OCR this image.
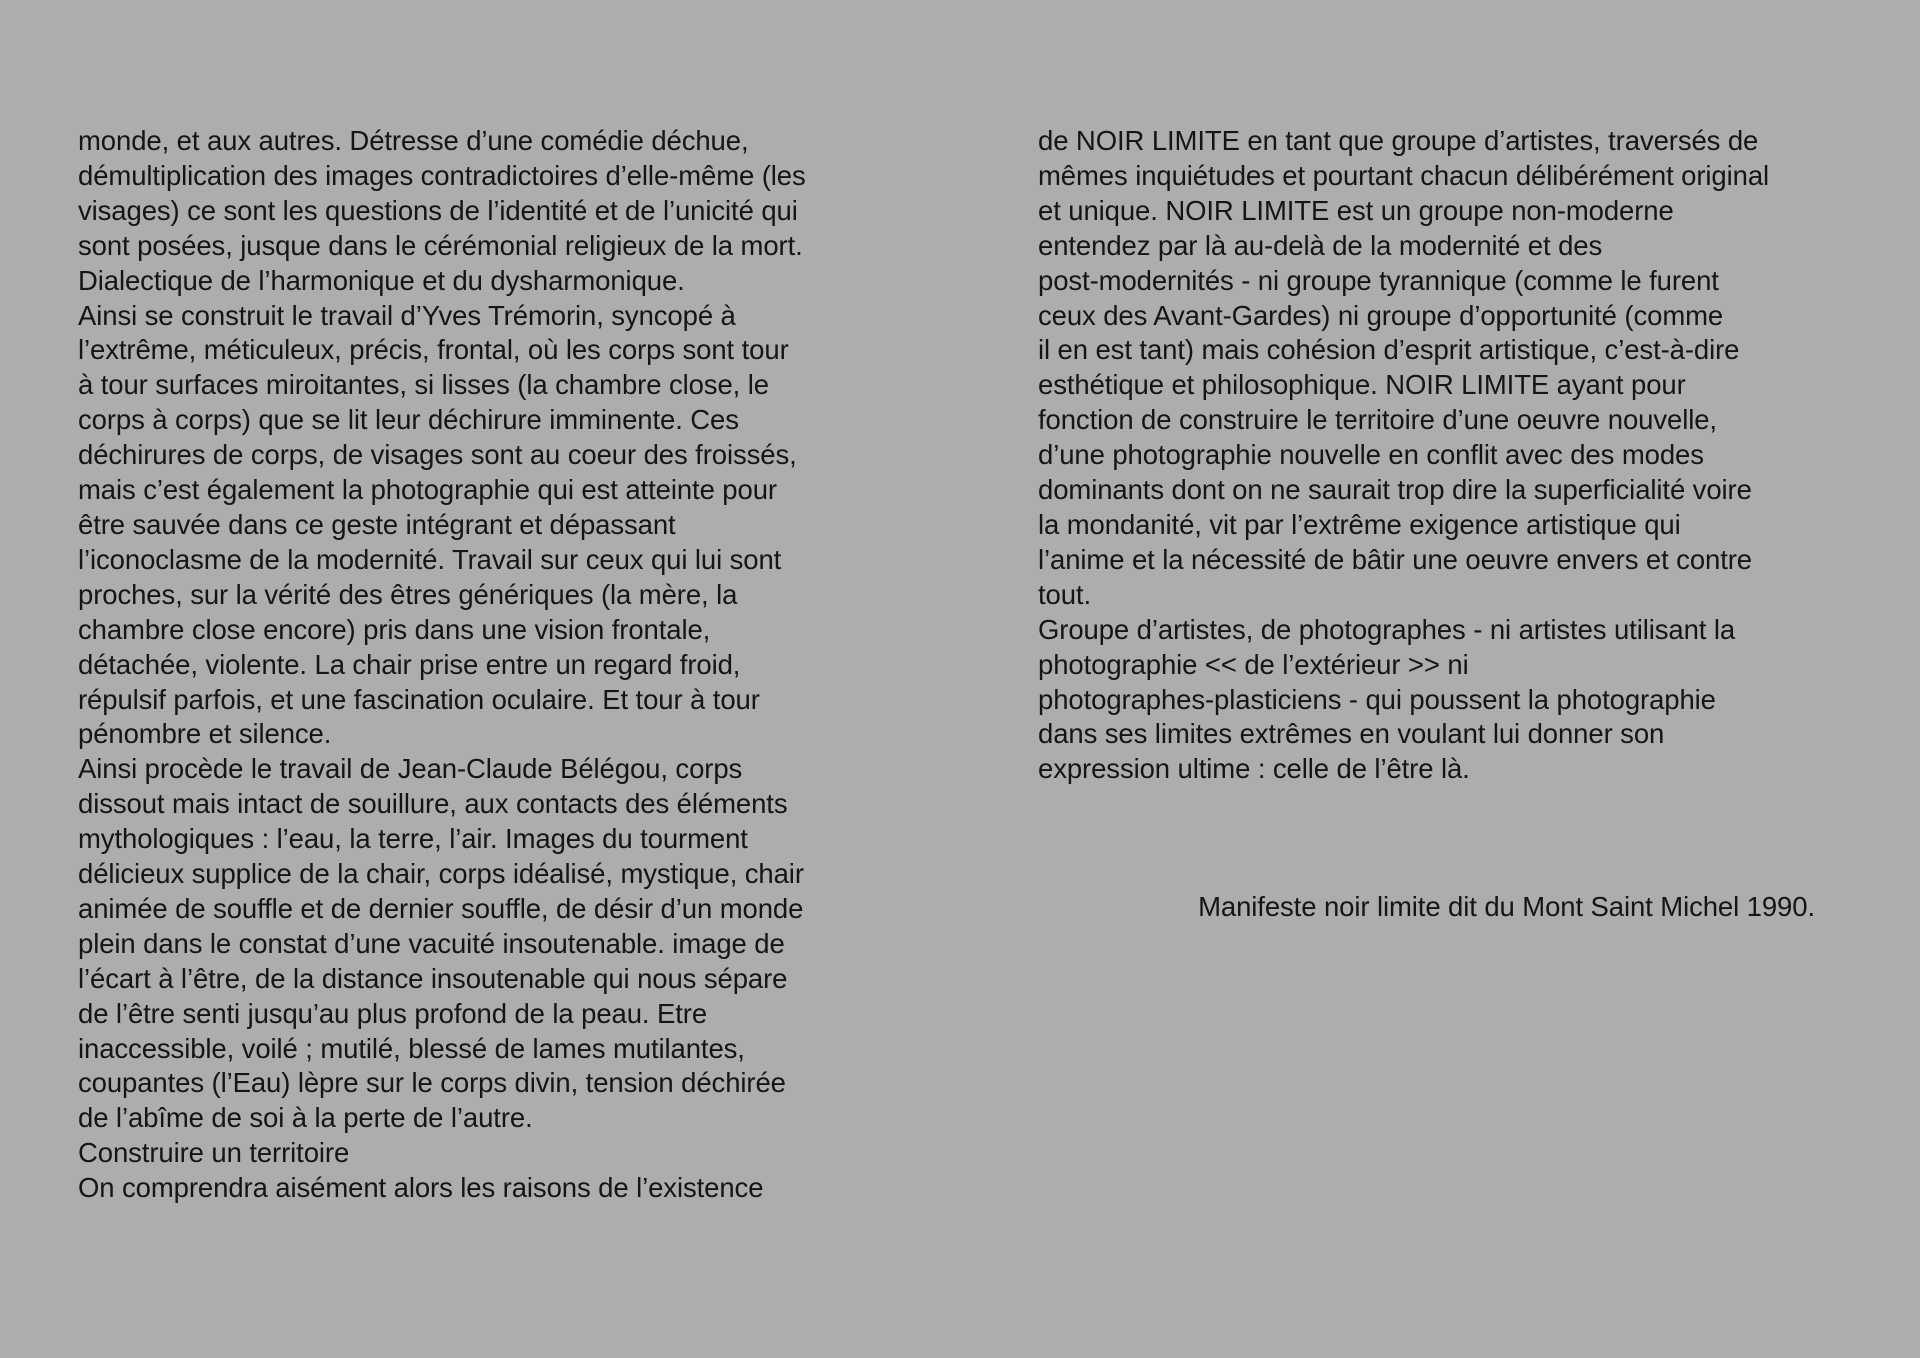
monde, et aux autres. Détresse d’une comédie déchue,
démultiplication des images contradictoires d’elle-même (les
visages) ce sont les questions de l’identité et de l’unicité qui
sont posées, jusque dans le cérémonial religieux de la mort.
Dialectique de l’harmonique et du dysharmonique.
Ainsi se construit le travail d’Yves Trémorin, syncopé à
l’extrême, méticuleux, précis, frontal, où les corps sont tour
à tour surfaces miroitantes, si lisses (la chambre close, le
corps à corps) que se lit leur déchirure imminente. Ces
déchirures de corps, de visages sont au coeur des froissés,
mais c’est également la photographie qui est atteinte pour
être sauvée dans ce geste intégrant et dépassant
l’iconoclasme de la modernité. Travail sur ceux qui lui sont
proches, sur la vérité des êtres génériques (la mère, la
chambre close encore) pris dans une vision frontale,
détachée, violente. La chair prise entre un regard froid,
répulsif parfois, et une fascination oculaire. Et tour à tour
pénombre et silence.
Ainsi procède le travail de Jean-Claude Bélégou, corps
dissout mais intact de souillure, aux contacts des éléments
mythologiques : l’eau, la terre, l’air. Images du tourment
délicieux supplice de la chair, corps idéalisé, mystique, chair
animée de souffle et de dernier souffle, de désir d’un monde
plein dans le constat d’une vacuité insoutenable. image de
l’écart à l’être, de la distance insoutenable qui nous sépare
de l’être senti jusqu’au plus profond de la peau. Etre
inaccessible, voilé ; mutilé, blessé de lames mutilantes,
coupantes (l’Eau) lèpre sur le corps divin, tension déchirée
de l’abîme de soi à la perte de l’autre.
Construire un territoire
On comprendra aisément alors les raisons de l’existence
de NOIR LIMITE en tant que groupe d’artistes, traversés de
mêmes inquiétudes et pourtant chacun délibérément original
et unique. NOIR LIMITE est un groupe non-moderne
entendez par là au-delà de la modernité et des
post-modernités - ni groupe tyrannique (comme le furent
ceux des Avant-Gardes) ni groupe d’opportunité (comme
il en est tant) mais cohésion d’esprit artistique, c’est-à-dire
esthétique et philosophique. NOIR LIMITE ayant pour
fonction de construire le territoire d’une oeuvre nouvelle,
d’une photographie nouvelle en conflit avec des modes
dominants dont on ne saurait trop dire la superficialité voire
la mondanité, vit par l’extrême exigence artistique qui
l’anime et la nécessité de bâtir une oeuvre envers et contre
tout.
Groupe d’artistes, de photographes - ni artistes utilisant la
photographie << de l’extérieur >> ni
photographes-plasticiens - qui poussent la photographie
dans ses limites extrêmes en voulant lui donner son
expression ultime : celle de l’être là.
Manifeste noir limite dit du Mont Saint Michel 1990.
